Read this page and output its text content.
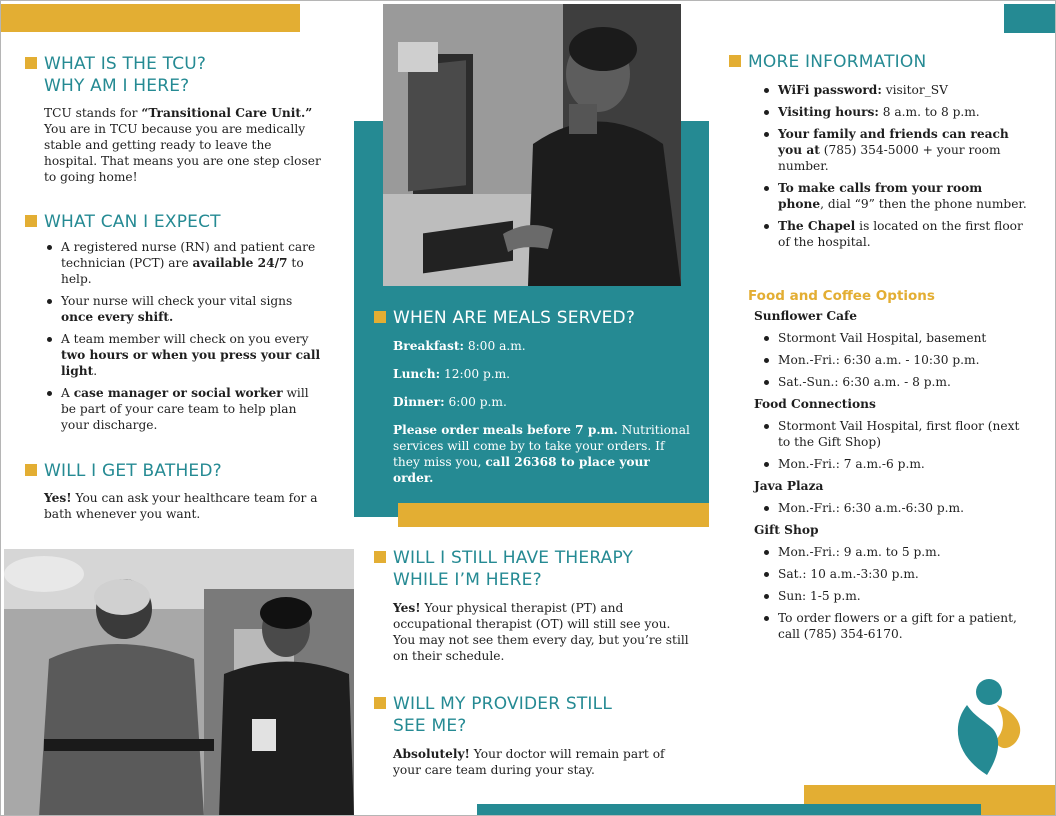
WHAT IS THE TCU?
WHY AM I HERE?

TCU stands for “Transitional Care Unit.” You are in TCU because you are medically stable and getting ready to leave the hospital. That means you are one step closer to going home!

WHAT CAN I EXPECT
A registered nurse (RN) and patient care technician (PCT) are available 24/7 to help.
Your nurse will check your vital signs once every shift.
A team member will check on you every two hours or when you press your call light.
A case manager or social worker will be part of your care team to help plan your discharge.
WILL I GET BATHED?

Yes! You can ask your healthcare team for a bath whenever you want.

WHEN ARE MEALS SERVED?

Breakfast: 8:00 a.m.

Lunch: 12:00 p.m.

Dinner: 6:00 p.m.

Please order meals before 7 p.m. Nutritional services will come by to take your orders. If they miss you, call 26368 to place your order.

WILL I STILL HAVE THERAPY
WHILE I’M HERE?

Yes! Your physical therapist (PT) and occupational therapist (OT) will still see you. You may not see them every day, but you’re still on their schedule.

WILL MY PROVIDER STILL
SEE ME?

Absolutely! Your doctor will remain part of your care team during your stay.

MORE INFORMATION
WiFi password: visitor_SV
Visiting hours: 8 a.m. to 8 p.m.
Your family and friends can reach you at (785) 354-5000 + your room number.
To make calls from your room phone, dial “9” then the phone number.
The Chapel is located on the first floor of the hospital.
Food and Coffee Options

Sunflower Cafe

Stormont Vail Hospital, basement
Mon.-Fri.: 6:30 a.m. - 10:30 p.m.
Sat.-Sun.: 6:30 a.m. - 8 p.m.

Food Connections

Stormont Vail Hospital, first floor (next to the Gift Shop)
Mon.-Fri.: 7 a.m.-6 p.m.

Java Plaza

Mon.-Fri.: 6:30 a.m.-6:30 p.m.

Gift Shop

Mon.-Fri.: 9 a.m. to 5 p.m.
Sat.: 10 a.m.-3:30 p.m.
Sun: 1-5 p.m.
To order flowers or a gift for a patient, call (785) 354-6170.
